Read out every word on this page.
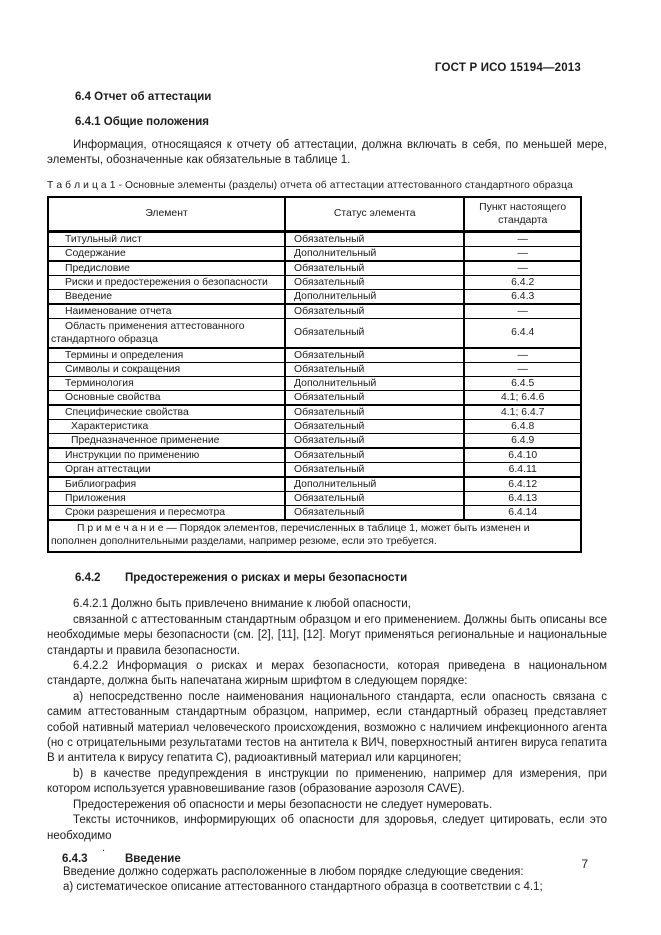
ГОСТ Р ИСО 15194—2013
6.4 Отчет об аттестации
6.4.1 Общие положения

Информация, относящаяся к отчету об аттестации, должна включать в себя, по меньшей мере, элементы, обозначенные как обязательные в таблице 1.

Т а б л и ц а 1 - Основные элементы (разделы) отчета об аттестации аттестованного стандартного образца
Элемент	Статус элемента	Пункт настоящего стандарта
Титульный лист	Обязательный	—
Содержание	Дополнительный	—
Предисловие	Обязательный	—
Риски и предостережения о безопасности	Обязательный	6.4.2
Введение	Дополнительный	6.4.3
Наименование отчета	Обязательный	—
Область применения аттестованного стандартного образца	Обязательный	6.4.4
Термины и определения	Обязательный	—
Символы и сокращения	Обязательный	—
Терминология	Дополнительный	6.4.5
Основные свойства	Обязательный	4.1; 6.4.6
Специфические свойства	Обязательный	4.1; 6.4.7
Характеристика	Обязательный	6.4.8
Предназначенное применение	Обязательный	6.4.9
Инструкции по применению	Обязательный	6.4.10
Орган аттестации	Обязательный	6.4.11
Библиография	Дополнительный	6.4.12
Приложения	Обязательный	6.4.13
Сроки разрешения и пересмотра	Обязательный	6.4.14
П р и м е ч а н и е — Порядок элементов, перечисленных в таблице 1, может быть изменен и пополнен дополнительными разделами, например резюме, если это требуется.		
6.4.2 Предостережения о рисках и меры безопасности

6.4.2.1 Должно быть привлечено внимание к любой опасности,

связанной с аттестованным стандартным образцом и его применением. Должны быть описаны все необходимые меры безопасности (см. [2], [11], [12]. Могут применяться региональные и национальные стандарты и правила безопасности.

6.4.2.2 Информация о рисках и мерах безопасности, которая приведена в национальном стандарте, должна быть напечатана жирным шрифтом в следующем порядке:

a) непосредственно после наименования национального стандарта, если опасность связана с самим аттестованным стандартным образцом, например, если стандартный образец представляет собой нативный материал человеческого происхождения, возможно с наличием инфекционного агента (но с отрицательными результатами тестов на антитела к ВИЧ, поверхностный антиген вируса гепатита В и антитела к вирусу гепатита С), радиоактивный материал или карциноген;

b) в качестве предупреждения в инструкции по применению, например для измерения, при котором используется уравновешивание газов (образование аэрозоля CAVE).

Предостережения об опасности и меры безопасности не следует нумеровать.

Тексты источников, информирующих об опасности для здоровья, следует цитировать, если это необходимо

.
6.4.3	Введение
Введение должно содержать расположенные в любом порядке следующие сведения:
а) систематическое описание аттестованного стандартного образца в соответствии с 4.1;
7
